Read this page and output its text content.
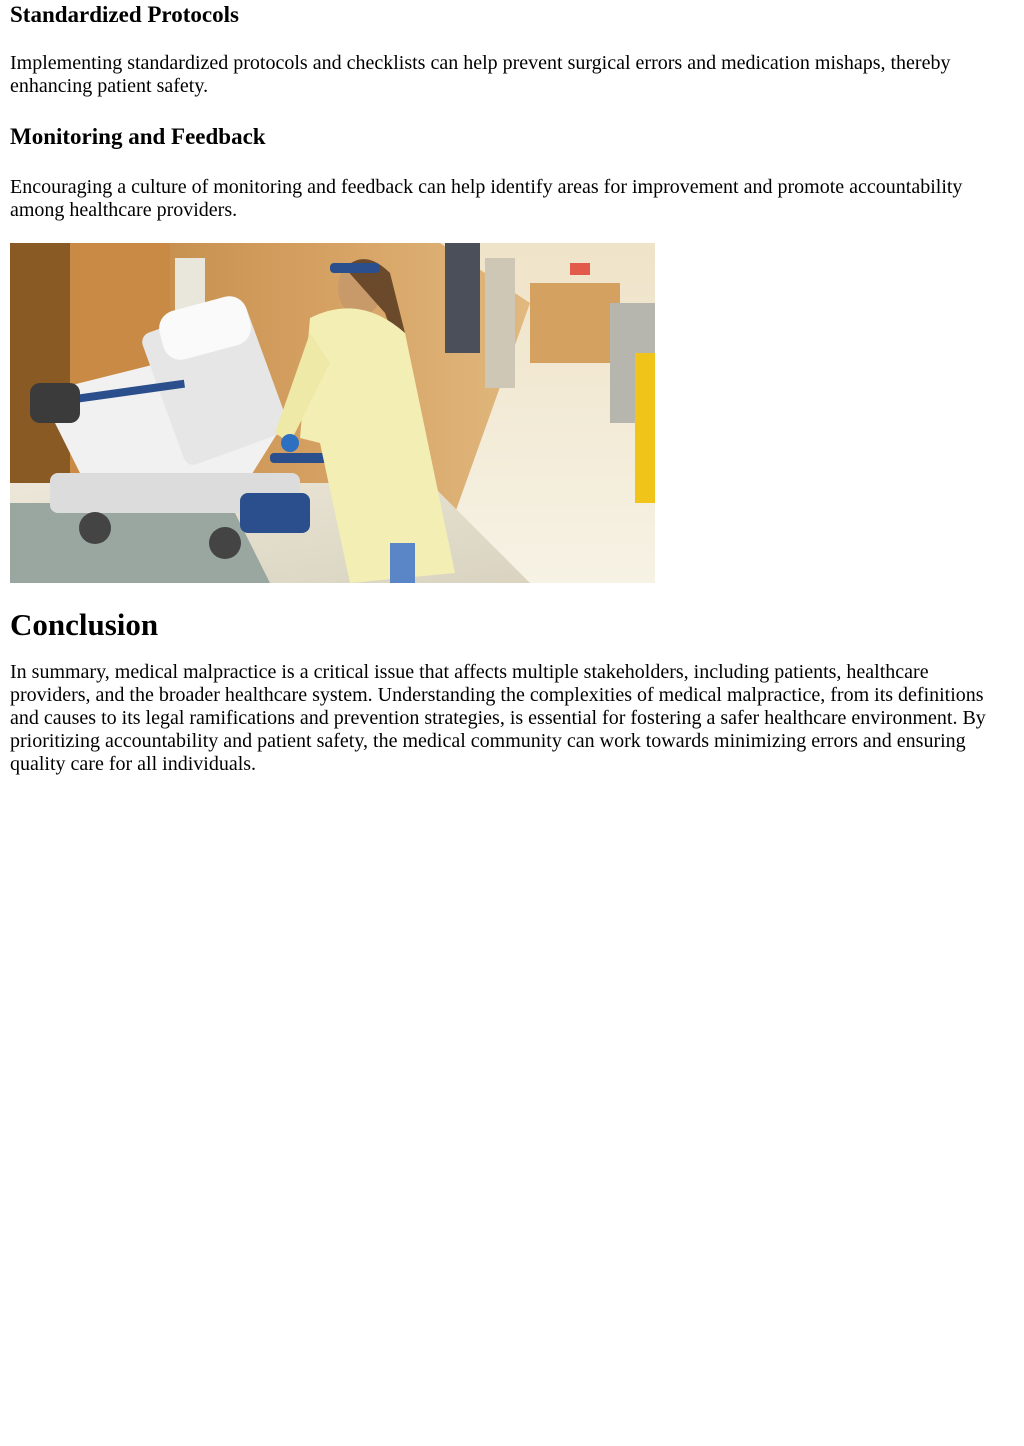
Standardized Protocols

Implementing standardized protocols and checklists can help prevent surgical errors and medication mishaps, thereby enhancing patient safety.

Monitoring and Feedback

Encouraging a culture of monitoring and feedback can help identify areas for improvement and promote accountability among healthcare providers.

Conclusion

In summary, medical malpractice is a critical issue that affects multiple stakeholders, including patients, healthcare providers, and the broader healthcare system. Understanding the complexities of medical malpractice, from its definitions and causes to its legal ramifications and prevention strategies, is essential for fostering a safer healthcare environment. By prioritizing accountability and patient safety, the medical community can work towards minimizing errors and ensuring quality care for all individuals.
